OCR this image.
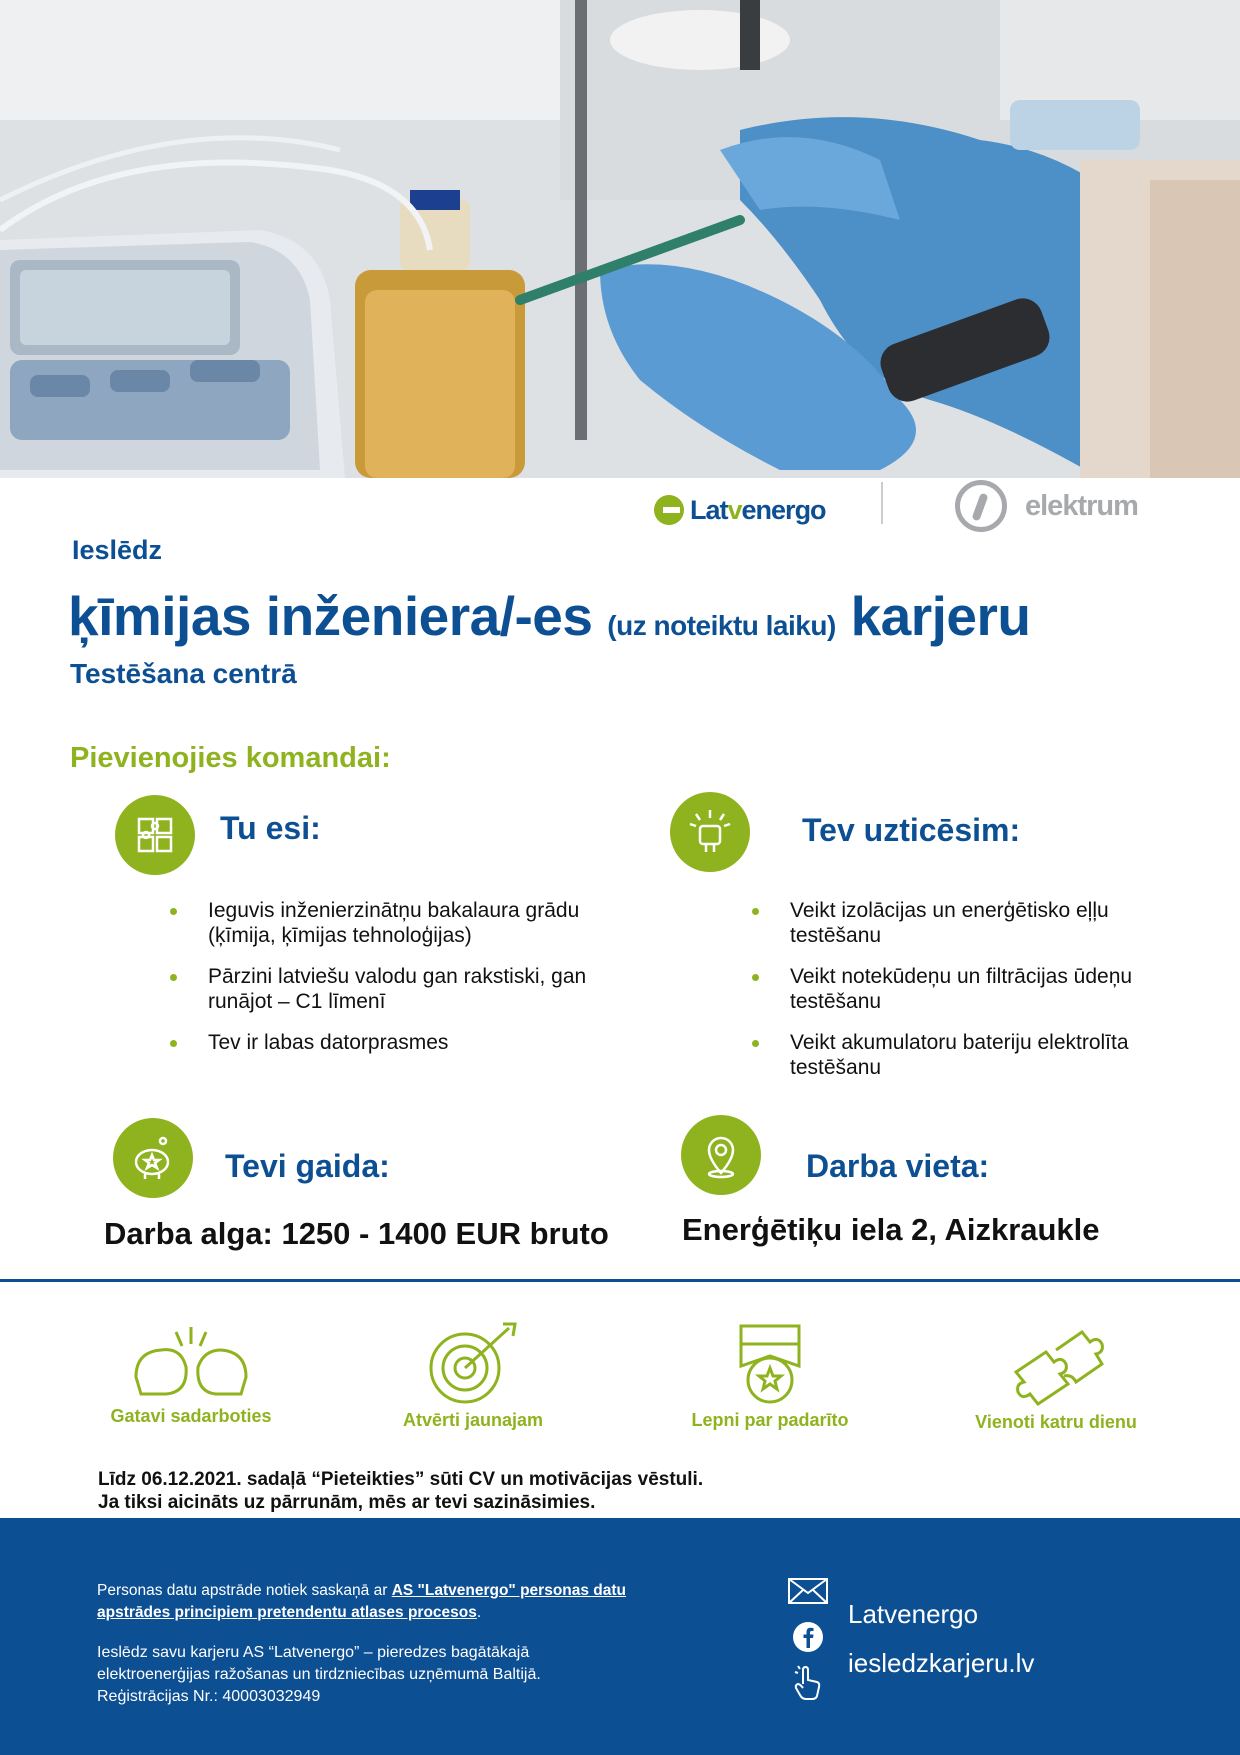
Latvenergo	elektrum
Ieslēdz
ķīmijas inženiera/-es (uz noteiktu laiku) karjeru
Testēšana centrā
Pievienojies komandai:
Tu esi:
Ieguvis inženierzinātņu bakalaura grādu (ķīmija, ķīmijas tehnoloģijas)
Pārzini latviešu valodu gan rakstiski, gan runājot – C1 līmenī
Tev ir labas datorprasmes
Tev uzticēsim:
Veikt izolācijas un enerģētisko eļļu testēšanu
Veikt notekūdeņu un filtrācijas ūdeņu testēšanu
Veikt akumulatoru bateriju elektrolīta testēšanu
Tevi gaida:
Darba alga: 1250 - 1400 EUR bruto
Darba vieta:
Enerģētiķu iela 2, Aizkraukle
Gatavi sadarboties	Atvērti jaunajam	Lepni par padarīto	Vienoti katru dienu
Līdz 06.12.2021. sadaļā “Pieteikties” sūti CV un motivācijas vēstuli.
Ja tiksi aicināts uz pārrunām, mēs ar tevi sazināsimies.
Personas datu apstrāde notiek saskaņā ar AS "Latvenergo" personas datu apstrādes principiem pretendentu atlases procesos.
Ieslēdz savu karjeru AS “Latvenergo” – pieredzes bagātākajā
elektroenerģijas ražošanas un tirdzniecības uzņēmumā Baltijā.
Reģistrācijas Nr.: 40003032949
Latvenergo
iesledzkarjeru.lv
